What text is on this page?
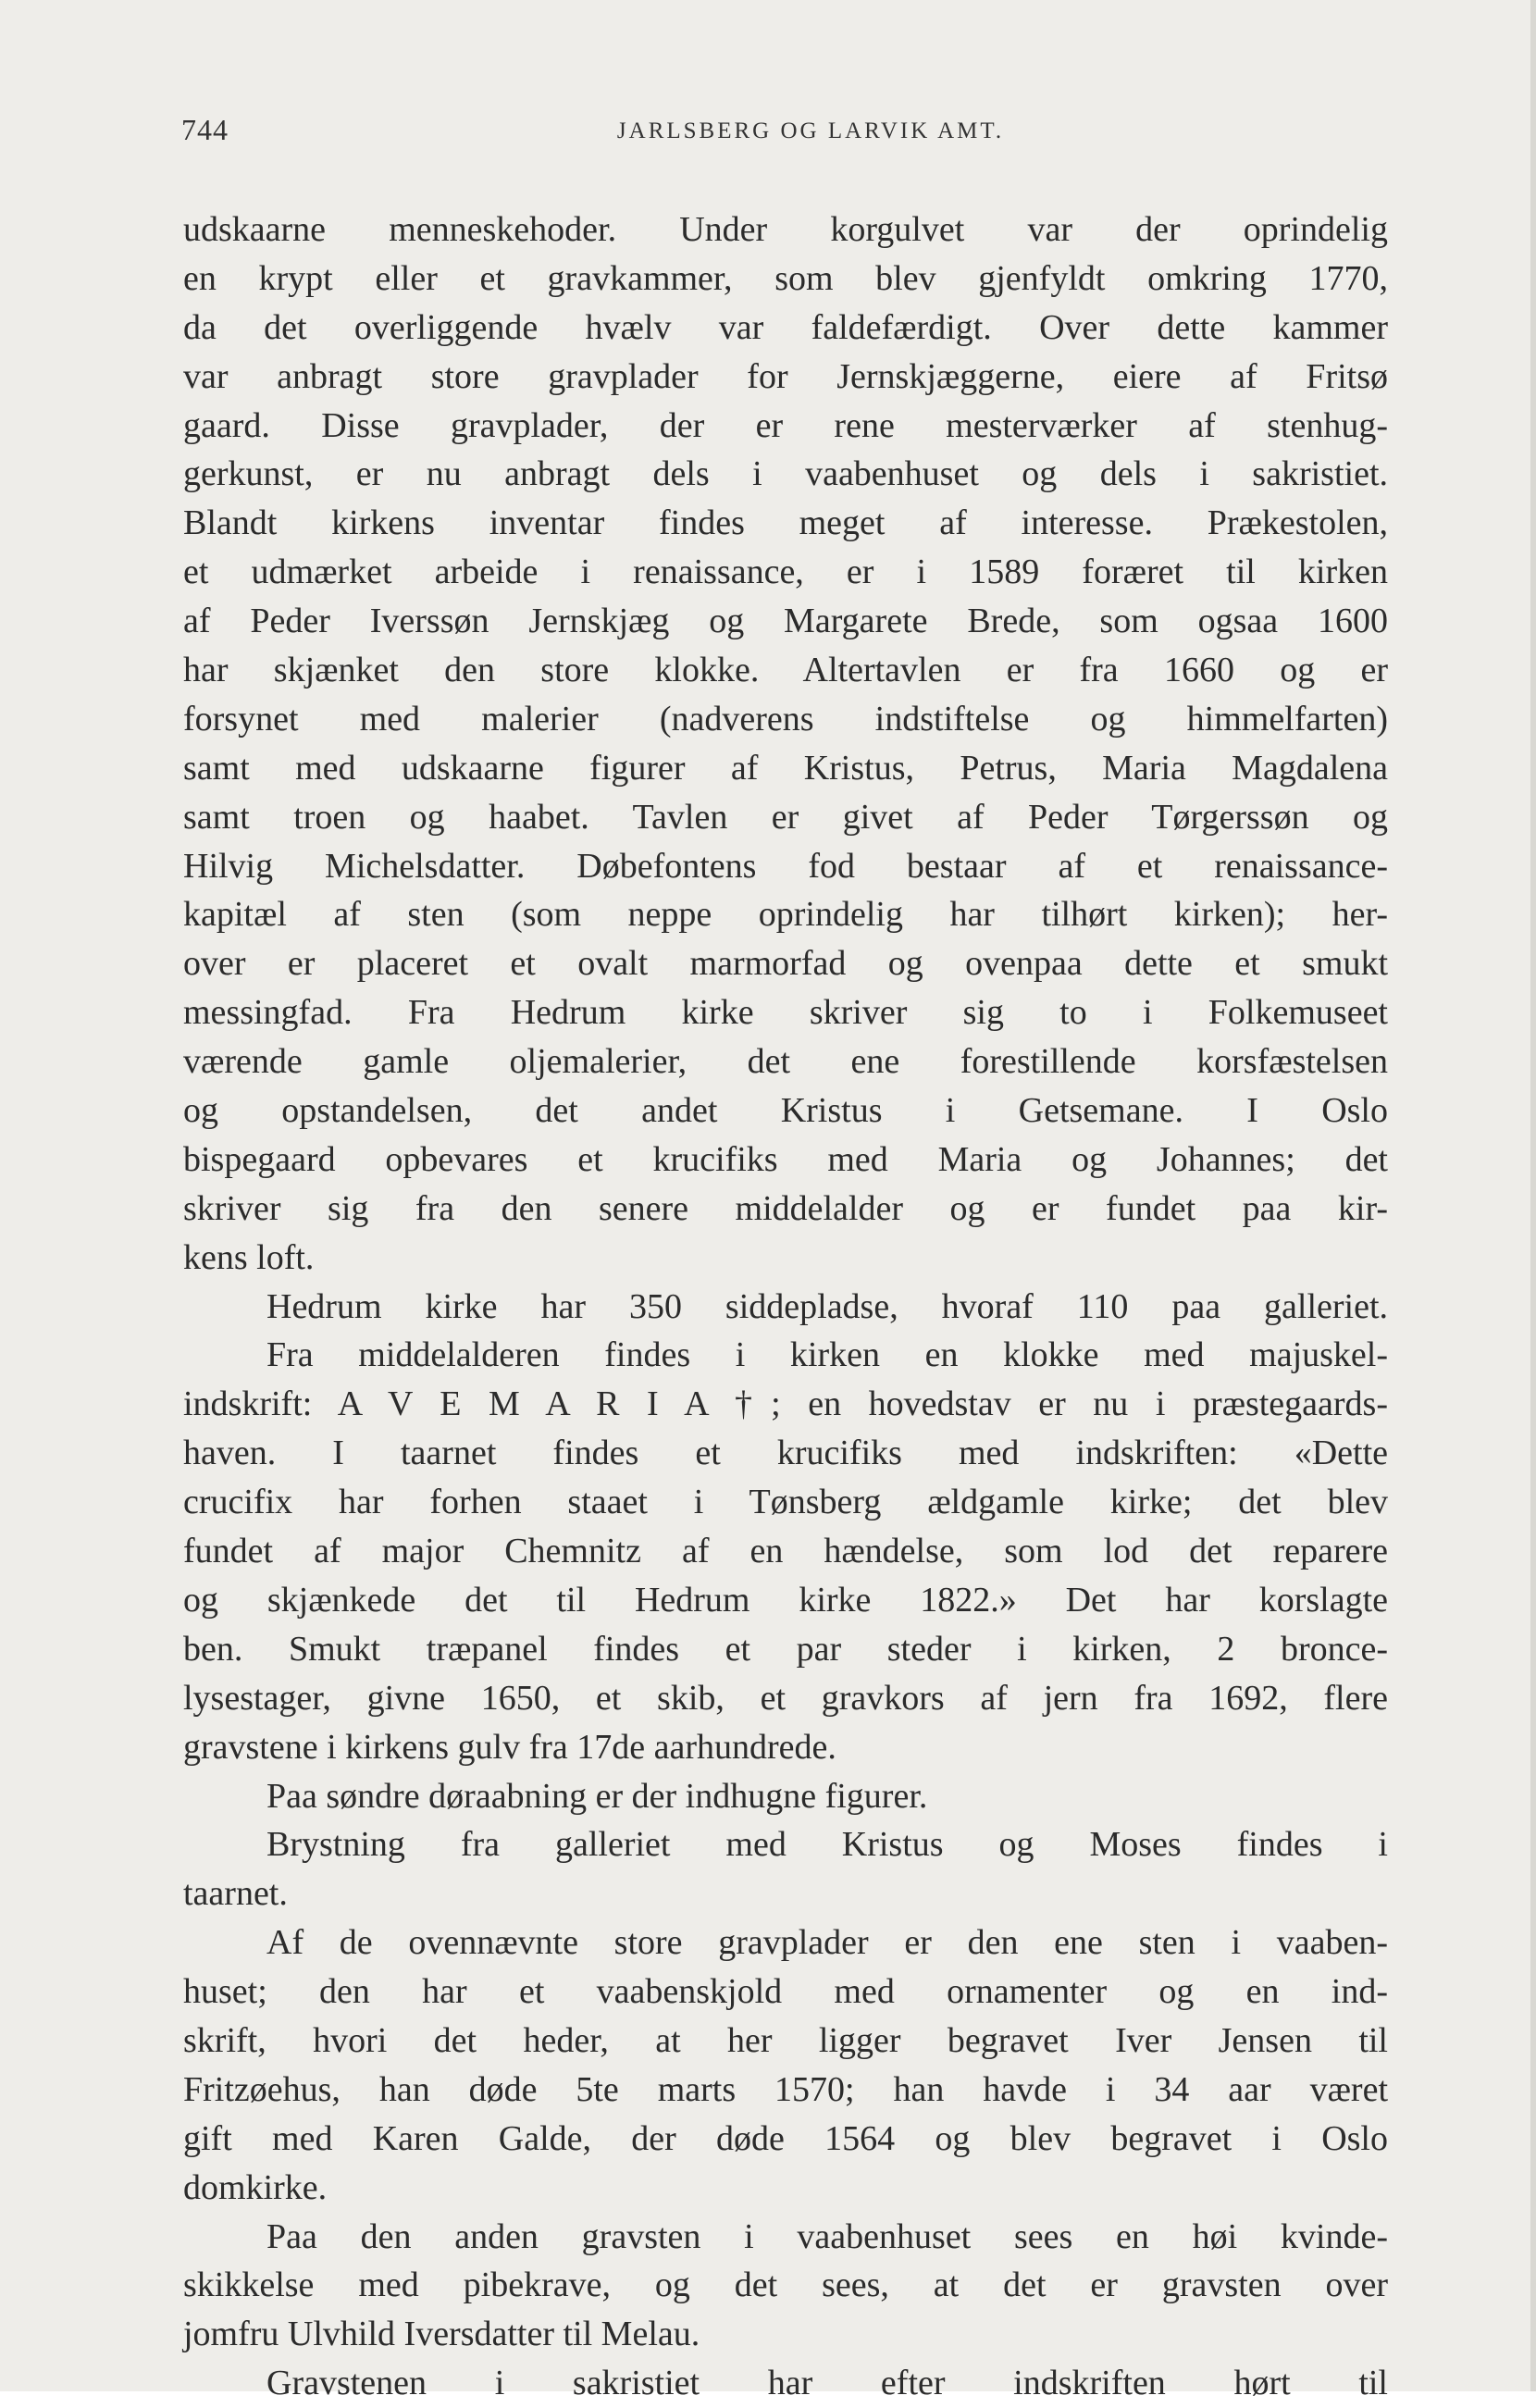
744	JARLSBERG OG LARVIK AMT.
udskaarne menneskehoder. Under korgulvet var der oprindelig
en krypt eller et gravkammer, som blev gjenfyldt omkring 1770,
da det overliggende hvælv var faldefærdigt. Over dette kammer
var anbragt store gravplader for Jernskjæggerne, eiere af Fritsø
gaard. Disse gravplader, der er rene mesterværker af stenhug-
gerkunst, er nu anbragt dels i vaabenhuset og dels i sakristiet.
Blandt kirkens inventar findes meget af interesse. Prækestolen,
et udmærket arbeide i renaissance, er i 1589 foræret til kirken
af Peder Iverssøn Jernskjæg og Margarete Brede, som ogsaa 1600
har skjænket den store klokke. Altertavlen er fra 1660 og er
forsynet med malerier (nadverens indstiftelse og himmelfarten)
samt med udskaarne figurer af Kristus, Petrus, Maria Magdalena
samt troen og haabet. Tavlen er givet af Peder Tørgerssøn og
Hilvig Michelsdatter. Døbefontens fod bestaar af et renaissance-
kapitæl af sten (som neppe oprindelig har tilhørt kirken); her-
over er placeret et ovalt marmorfad og ovenpaa dette et smukt
messingfad. Fra Hedrum kirke skriver sig to i Folkemuseet
værende gamle oljemalerier, det ene forestillende korsfæstelsen
og opstandelsen, det andet Kristus i Getsemane. I Oslo
bispegaard opbevares et krucifiks med Maria og Johannes; det
skriver sig fra den senere middelalder og er fundet paa kir-
kens loft.
Hedrum kirke har 350 siddepladse, hvoraf 110 paa galleriet.
Fra middelalderen findes i kirken en klokke med majuskel-
indskrift: A V E M A R I A †; en hovedstav er nu i præstegaards-
haven. I taarnet findes et krucifiks med indskriften: «Dette
crucifix har forhen staaet i Tønsberg ældgamle kirke; det blev
fundet af major Chemnitz af en hændelse, som lod det reparere
og skjænkede det til Hedrum kirke 1822.» Det har korslagte
ben. Smukt træpanel findes et par steder i kirken, 2 bronce-
lysestager, givne 1650, et skib, et gravkors af jern fra 1692, flere
gravstene i kirkens gulv fra 17de aarhundrede.
Paa søndre døraabning er der indhugne figurer.
Brystning fra galleriet med Kristus og Moses findes i
taarnet.
Af de ovennævnte store gravplader er den ene sten i vaaben-
huset; den har et vaabenskjold med ornamenter og en ind-
skrift, hvori det heder, at her ligger begravet Iver Jensen til
Fritzøehus, han døde 5te marts 1570; han havde i 34 aar været
gift med Karen Galde, der døde 1564 og blev begravet i Oslo
domkirke.
Paa den anden gravsten i vaabenhuset sees en høi kvinde-
skikkelse med pibekrave, og det sees, at det er gravsten over
jomfru Ulvhild Iversdatter til Melau.
Gravstenen i sakristiet har efter indskriften hørt til
